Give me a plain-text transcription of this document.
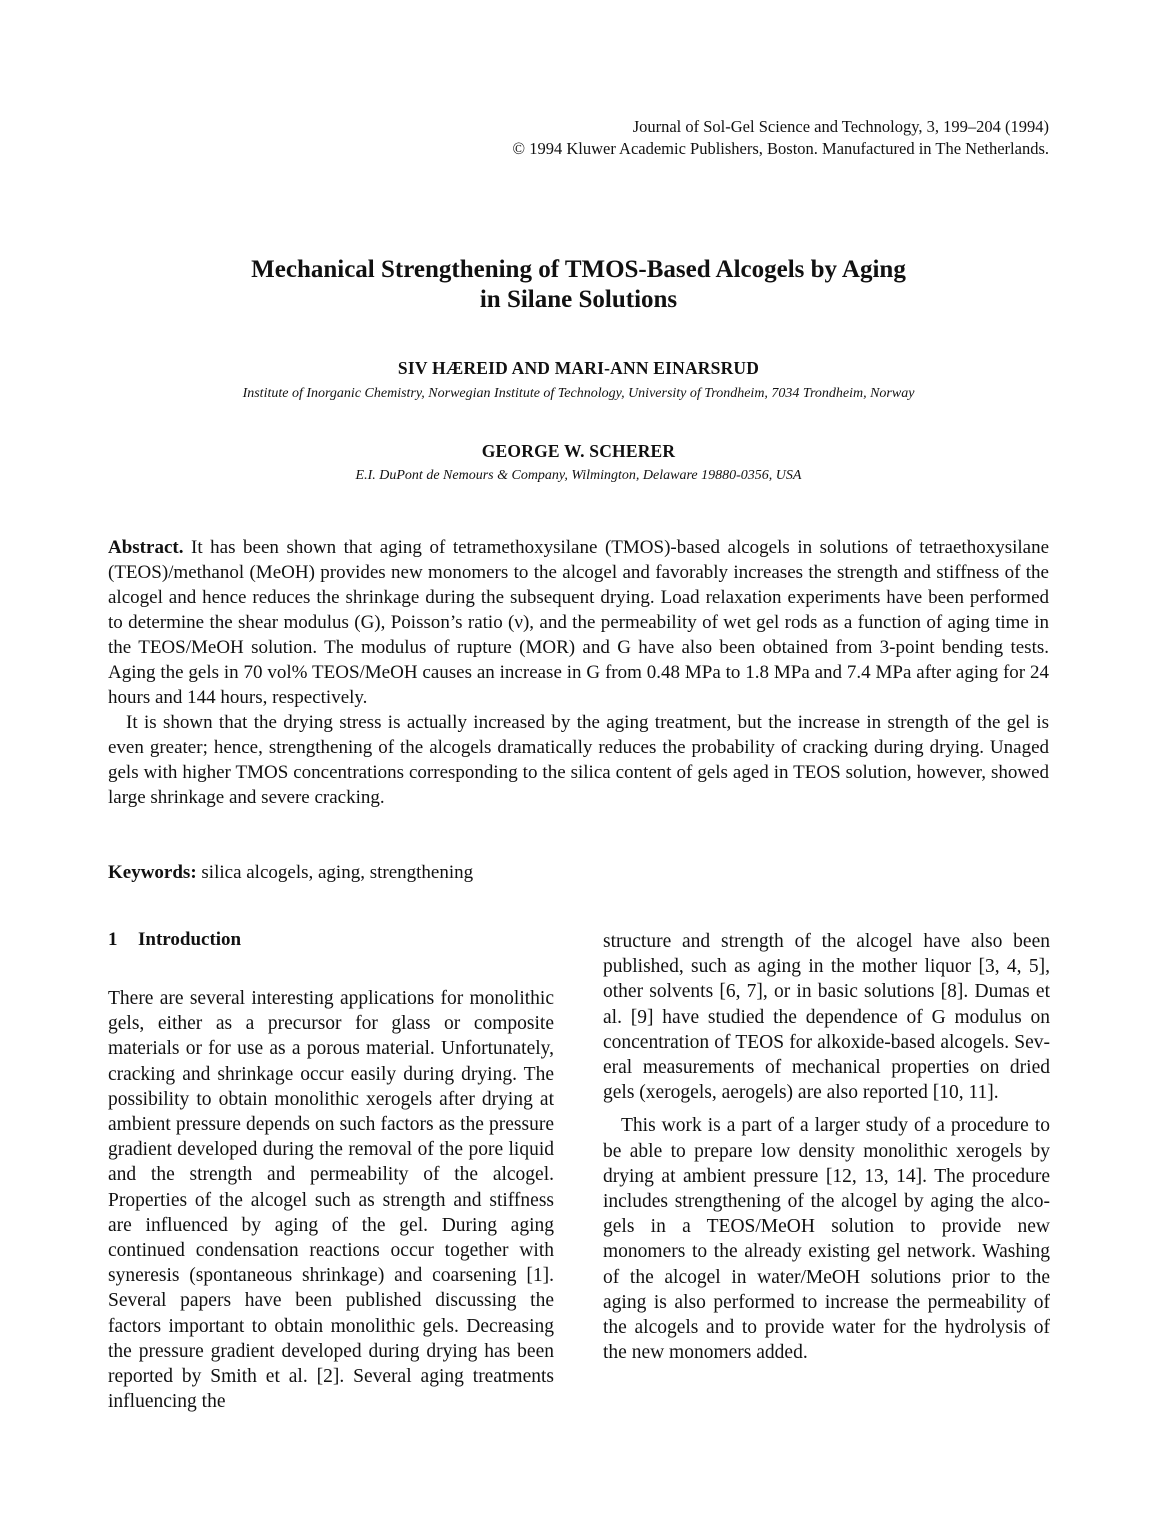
Journal of Sol-Gel Science and Technology, 3, 199–204 (1994)
© 1994 Kluwer Academic Publishers, Boston. Manufactured in The Netherlands.
Mechanical Strengthening of TMOS-Based Alcogels by Aging
in Silane Solutions
SIV HÆREID AND MARI-ANN EINARSRUD
Institute of Inorganic Chemistry, Norwegian Institute of Technology, University of Trondheim, 7034 Trondheim, Norway
GEORGE W. SCHERER
E.I. DuPont de Nemours & Company, Wilmington, Delaware 19880-0356, USA

Abstract. It has been shown that aging of tetramethoxysilane (TMOS)-based alcogels in solutions of tetraethoxysilane (TEOS)/methanol (MeOH) provides new monomers to the alcogel and favorably increases the strength and stiffness of the alcogel and hence reduces the shrinkage during the subsequent drying. Load relaxation experiments have been performed to determine the shear modulus (G), Poisson’s ratio (ν), and the permeability of wet gel rods as a function of aging time in the TEOS/MeOH solution. The modulus of rupture (MOR) and G have also been obtained from 3-point bending tests. Aging the gels in 70 vol% TEOS/MeOH causes an increase in G from 0.48 MPa to 1.8 MPa and 7.4 MPa after aging for 24 hours and 144 hours, respectively.

It is shown that the drying stress is actually increased by the aging treatment, but the increase in strength of the gel is even greater; hence, strengthening of the alcogels dramatically reduces the probability of cracking during drying. Unaged gels with higher TMOS concentrations corresponding to the silica content of gels aged in TEOS solution, however, showed large shrinkage and severe cracking.

Keywords: silica alcogels, aging, strengthening
1 Introduction

There are several interesting applications for monolithic gels, either as a precursor for glass or composite materials or for use as a porous material. Unfortunately, cracking and shrinkage occur easily during drying. The possibility to obtain monolithic xerogels after drying at ambient pressure depends on such factors as the pressure gradient developed during the removal of the pore liquid and the strength and permeability of the alcogel. Properties of the alcogel such as strength and stiffness are influenced by aging of the gel. During aging continued condensation reactions occur together with syneresis (spontaneous shrinkage) and coarsening [1]. Several papers have been published discussing the factors important to obtain monolithic gels. Decreasing the pressure gradient developed during drying has been reported by Smith et al. [2]. Several aging treatments influencing the

structure and strength of the alcogel have also been published, such as aging in the mother liquor [3, 4, 5], other solvents [6, 7], or in basic solutions [8]. Dumas et al. [9] have studied the dependence of G modulus on concentration of TEOS for alkoxide-based alcogels. Several measurements of mechanical properties on dried gels (xerogels, aerogels) are also reported [10, 11].

This work is a part of a larger study of a procedure to be able to prepare low density monolithic xerogels by drying at ambient pressure [12, 13, 14]. The procedure includes strengthening of the alcogel by aging the alcogels in a TEOS/MeOH solution to provide new monomers to the already existing gel network. Washing of the alcogel in water/MeOH solutions prior to the aging is also performed to increase the permeability of the alcogels and to provide water for the hydrolysis of the new monomers added.
